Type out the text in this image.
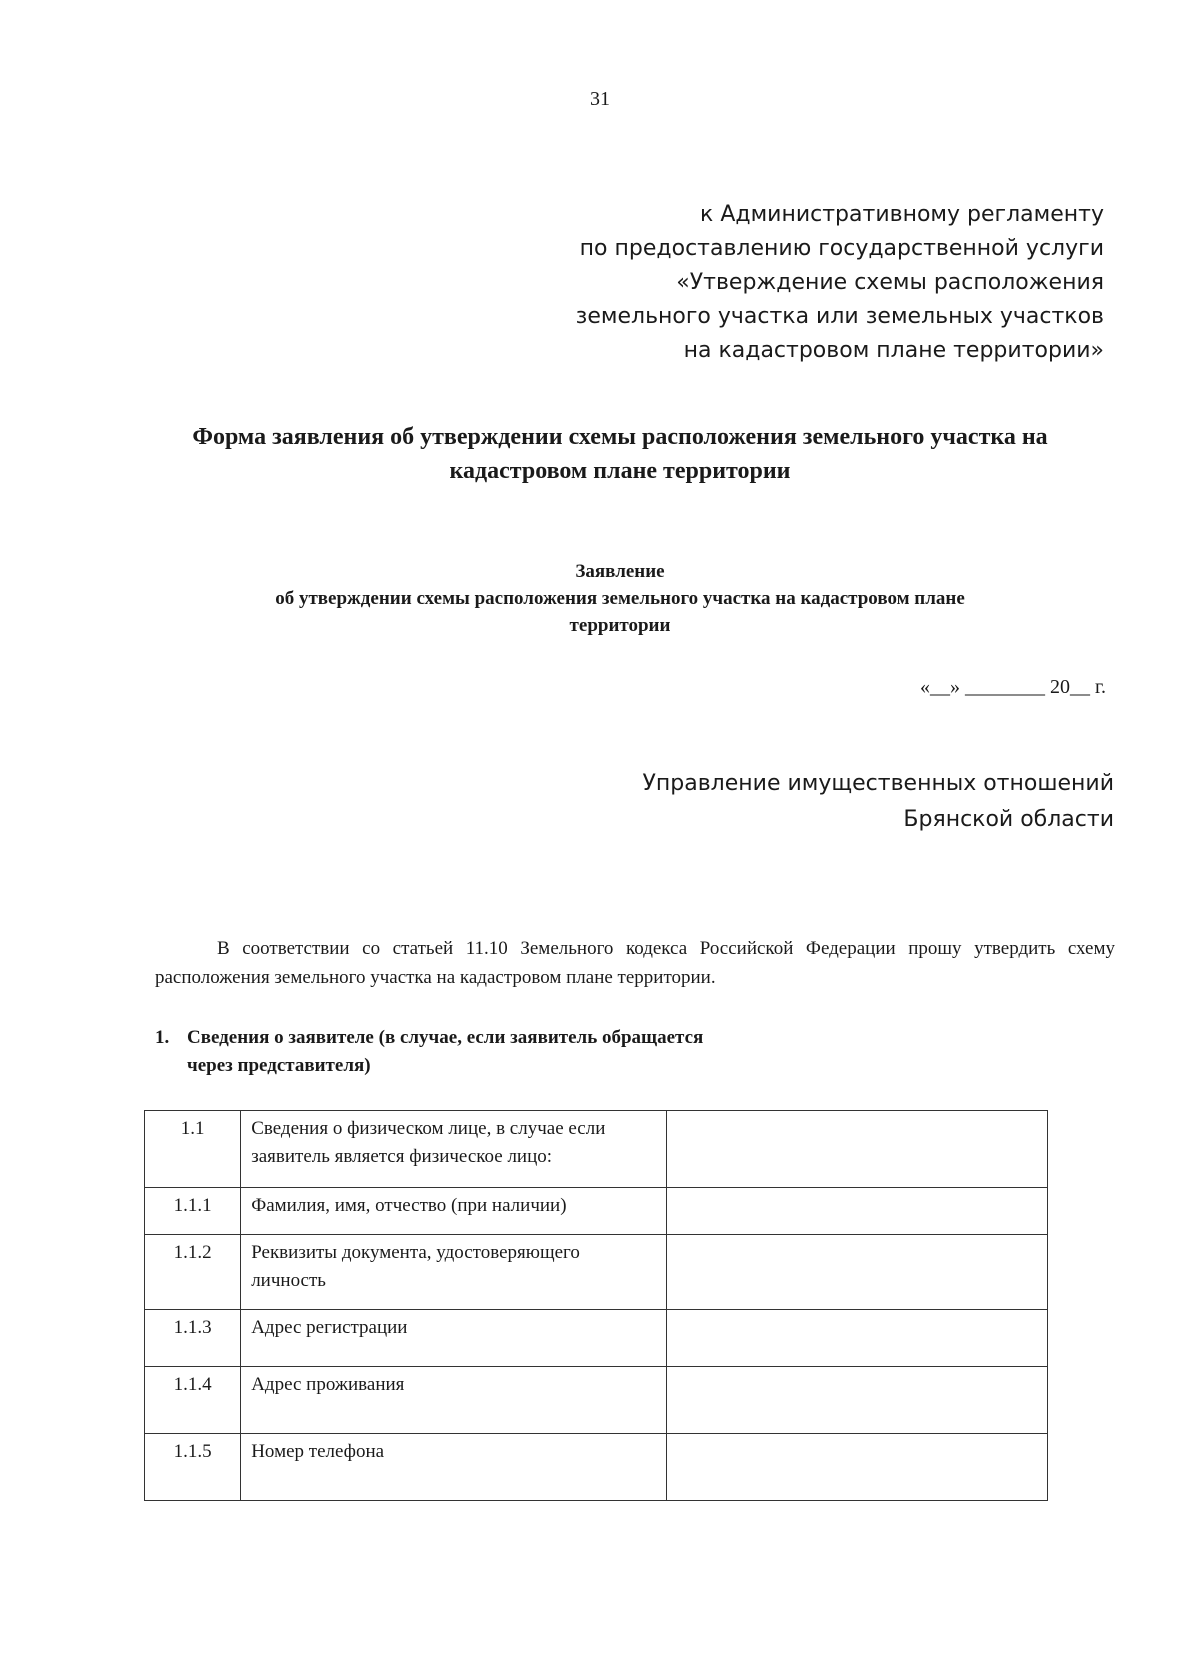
31
к Административному регламенту
по предоставлению государственной услуги
«Утверждение схемы расположения
земельного участка или земельных участков
на кадастровом плане территории»
Форма заявления об утверждении схемы расположения земельного участка на
кадастровом плане территории
Заявление
об утверждении схемы расположения земельного участка на кадастровом плане
территории
«__» ________ 20__ г.
Управление имущественных отношений
Брянской области
В соответствии со статьей 11.10 Земельного кодекса Российской Федерации прошу утвердить схему расположения земельного участка на кадастровом плане территории.
1. Сведения о заявителе (в случае, если заявитель обращается
через представителя)
1.1	Сведения о физическом лице, в случае если заявитель является физическое лицо:	
1.1.1	Фамилия, имя, отчество (при наличии)	
1.1.2	Реквизиты документа, удостоверяющего личность	
1.1.3	Адрес регистрации	
1.1.4	Адрес проживания	
1.1.5	Номер телефона	
